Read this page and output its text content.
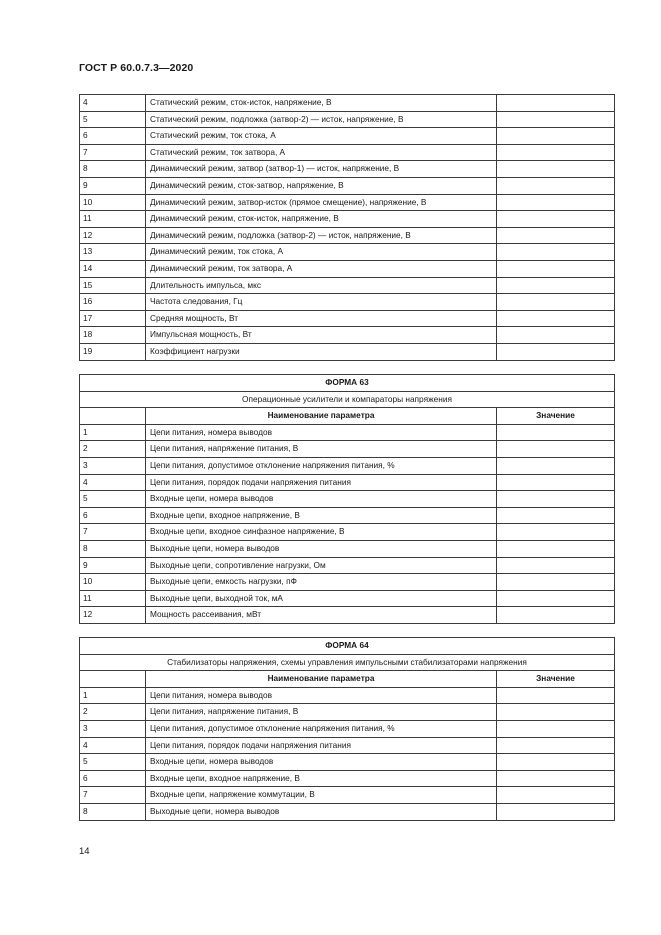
ГОСТ Р 60.0.7.3—2020
4	Статический режим, сток-исток, напряжение, В	
5	Статический режим, подложка (затвор-2) — исток, напряжение, В	
6	Статический режим, ток стока, А	
7	Статический режим, ток затвора, А	
8	Динамический режим, затвор (затвор-1) — исток, напряжение, В	
9	Динамический режим, сток-затвор, напряжение, В	
10	Динамический режим, затвор-исток (прямое смещение), напряжение, В	
11	Динамический режим, сток-исток, напряжение, В	
12	Динамический режим, подложка (затвор-2) — исток, напряжение, В	
13	Динамический режим, ток стока, А	
14	Динамический режим, ток затвора, А	
15	Длительность импульса, мкс	
16	Частота следования, Гц	
17	Средняя мощность, Вт	
18	Импульсная мощность, Вт	
19	Коэффициент нагрузки	
ФОРМА 63		
Операционные усилители и компараторы напряжения		
	Наименование параметра	Значение
1	Цепи питания, номера выводов	
2	Цепи питания, напряжение питания, В	
3	Цепи питания, допустимое отклонение напряжения питания, %	
4	Цепи питания, порядок подачи напряжения питания	
5	Входные цепи, номера выводов	
6	Входные цепи, входное напряжение, В	
7	Входные цепи, входное синфазное напряжение, В	
8	Выходные цепи, номера выводов	
9	Выходные цепи, сопротивление нагрузки, Ом	
10	Выходные цепи, емкость нагрузки, пФ	
11	Выходные цепи, выходной ток, мА	
12	Мощность рассеивания, мВт	
ФОРМА 64		
Стабилизаторы напряжения, схемы управления импульсными стабилизаторами напряжения		
	Наименование параметра	Значение
1	Цепи питания, номера выводов	
2	Цепи питания, напряжение питания, В	
3	Цепи питания, допустимое отклонение напряжения питания, %	
4	Цепи питания, порядок подачи напряжения питания	
5	Входные цепи, номера выводов	
6	Входные цепи, входное напряжение, В	
7	Входные цепи, напряжение коммутации, В	
8	Выходные цепи, номера выводов	
14
